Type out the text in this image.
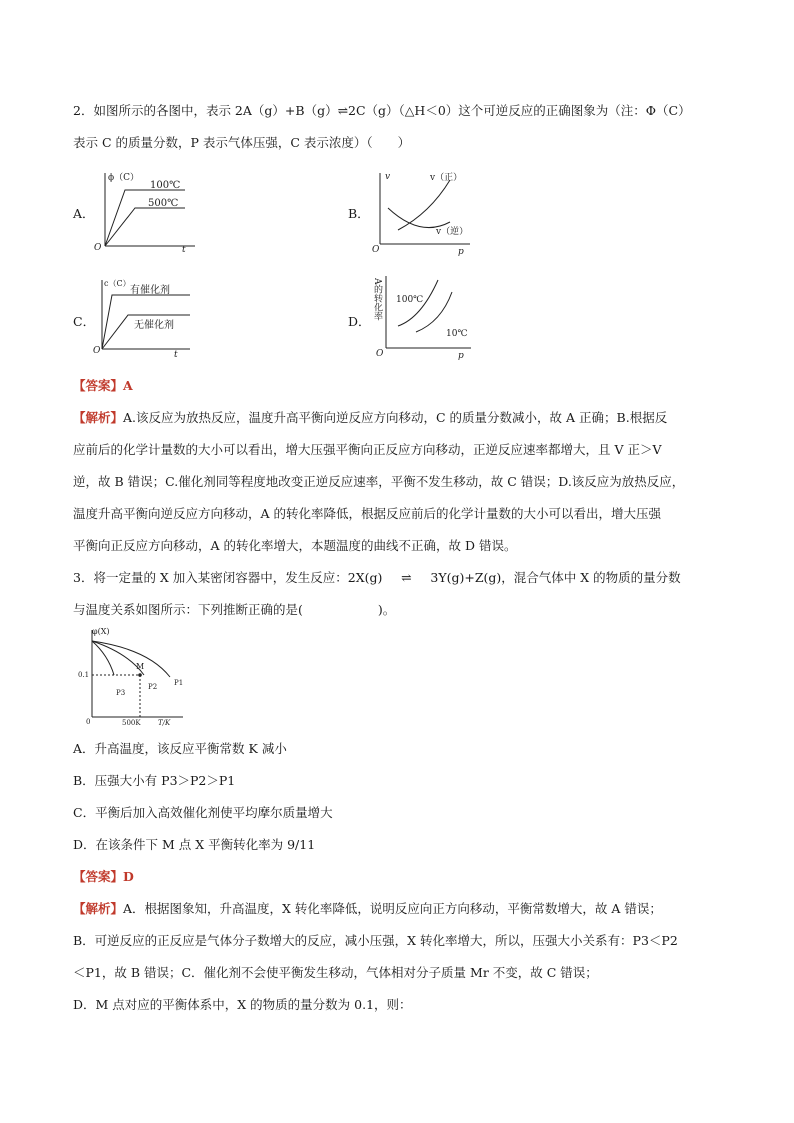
2．如图所示的各图中，表示 2A（g）+B（g）⇌2C（g）（△H＜0）这个可逆反应的正确图象为（注：Φ（C）
表示 C 的质量分数，P 表示气体压强，C 表示浓度）（　　）
A．
ϕ（C）
100℃
500℃
O	t
B．
v	v（正）
v（逆）
O	p
C．
c（C）
有催化剂
无催化剂
O	t
D．
A的转化率 100℃
10℃
O	p
【答案】A
【解析】A.该反应为放热反应，温度升高平衡向逆反应方向移动，C 的质量分数减小，故 A 正确；B.根据反
应前后的化学计量数的大小可以看出，增大压强平衡向正反应方向移动，正逆反应速率都增大，且 V 正＞V
逆，故 B 错误；C.催化剂同等程度地改变正逆反应速率，平衡不发生移动，故 C 错误；D.该反应为放热反应，
温度升高平衡向逆反应方向移动，A 的转化率降低，根据反应前后的化学计量数的大小可以看出，增大压强
平衡向正反应方向移动，A 的转化率增大，本题温度的曲线不正确，故 D 错误。
3．将一定量的 X 加入某密闭容器中，发生反应：2X(g) ⇌ 3Y(g)+Z(g)，混合气体中 X 的物质的量分数
与温度关系如图所示：下列推断正确的是(　　　　　　)。
φ(X)
0.1
0	500K T/K
M
P1
P2
P3
A．升高温度，该反应平衡常数 K 减小
B．压强大小有 P3＞P2＞P1
C．平衡后加入高效催化剂使平均摩尔质量增大
D．在该条件下 M 点 X 平衡转化率为 9/11
【答案】D
【解析】A．根据图象知，升高温度，X 转化率降低，说明反应向正方向移动，平衡常数增大，故 A 错误；
B．可逆反应的正反应是气体分子数增大的反应，减小压强，X 转化率增大，所以，压强大小关系有：P3＜P2
＜P1，故 B 错误；C．催化剂不会使平衡发生移动，气体相对分子质量 Mr 不变，故 C 错误；
D．M 点对应的平衡体系中，X 的物质的量分数为 0.1，则：
